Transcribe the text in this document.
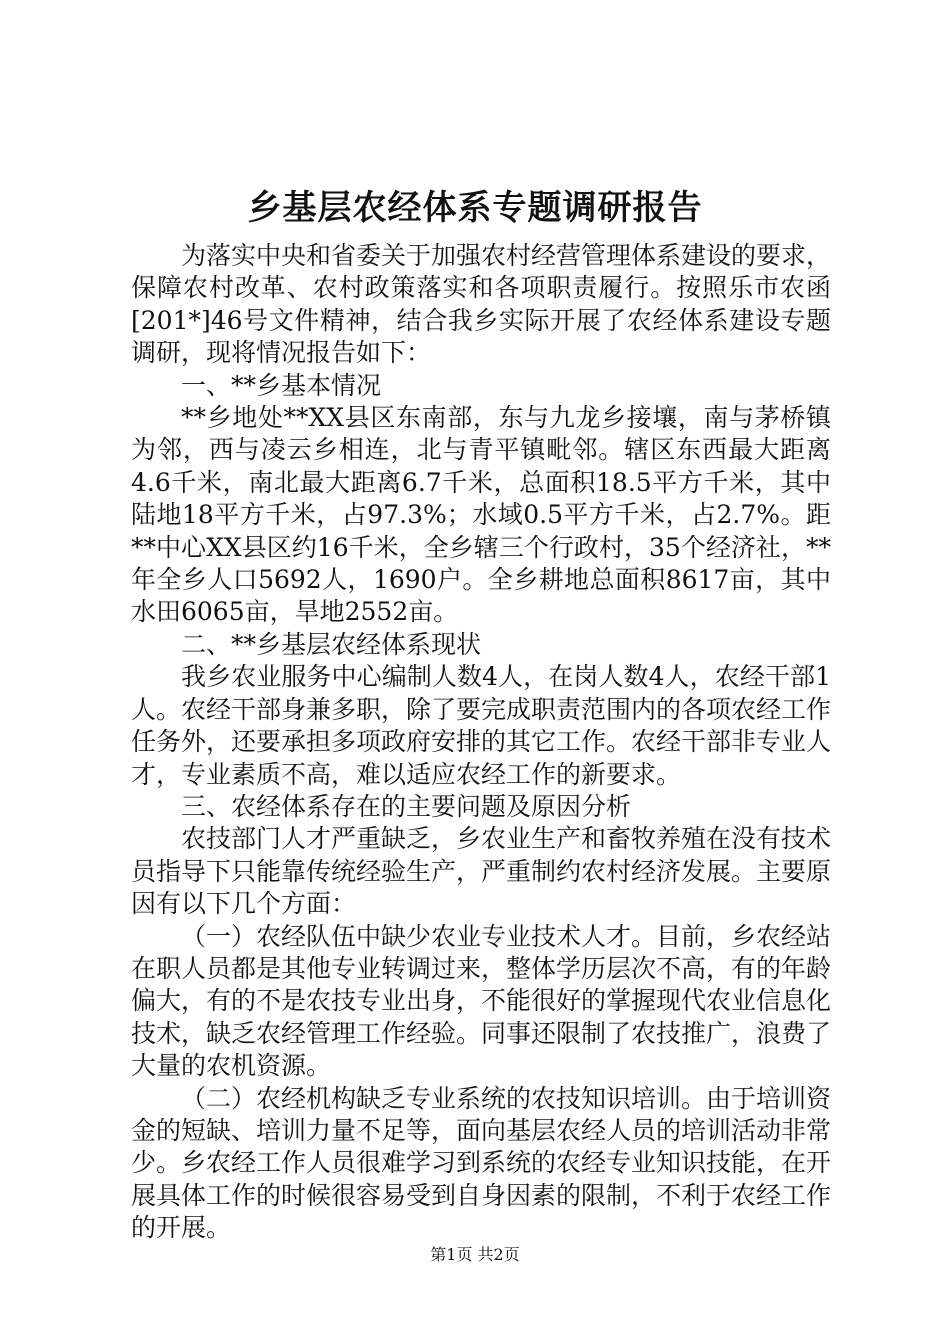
乡基层农经体系专题调研报告

为落实中央和省委关于加强农村经营管理体系建设的要求，保障农村改革、农村政策落实和各项职责履行。按照乐市农函[201*]46号文件精神，结合我乡实际开展了农经体系建设专题调研，现将情况报告如下：

一、**乡基本情况

**乡地处**XX县区东南部，东与九龙乡接壤，南与茅桥镇为邻，西与凌云乡相连，北与青平镇毗邻。辖区东西最大距离4.6千米，南北最大距离6.7千米，总面积18.5平方千米，其中陆地18平方千米，占97.3%；水域0.5平方千米，占2.7%。距**中心XX县区约16千米，全乡辖三个行政村，35个经济社，**年全乡人口5692人，1690户。全乡耕地总面积8617亩，其中水田6065亩，旱地2552亩。

二、**乡基层农经体系现状

我乡农业服务中心编制人数4人，在岗人数4人，农经干部1人。农经干部身兼多职，除了要完成职责范围内的各项农经工作任务外，还要承担多项政府安排的其它工作。农经干部非专业人才，专业素质不高，难以适应农经工作的新要求。

三、农经体系存在的主要问题及原因分析

农技部门人才严重缺乏，乡农业生产和畜牧养殖在没有技术员指导下只能靠传统经验生产，严重制约农村经济发展。主要原因有以下几个方面：

（一）农经队伍中缺少农业专业技术人才。目前，乡农经站在职人员都是其他专业转调过来，整体学历层次不高，有的年龄偏大，有的不是农技专业出身，不能很好的掌握现代农业信息化技术，缺乏农经管理工作经验。同事还限制了农技推广，浪费了大量的农机资源。

（二）农经机构缺乏专业系统的农技知识培训。由于培训资金的短缺、培训力量不足等，面向基层农经人员的培训活动非常少。乡农经工作人员很难学习到系统的农经专业知识技能，在开展具体工作的时候很容易受到自身因素的限制，不利于农经工作的开展。

第1页 共2页
